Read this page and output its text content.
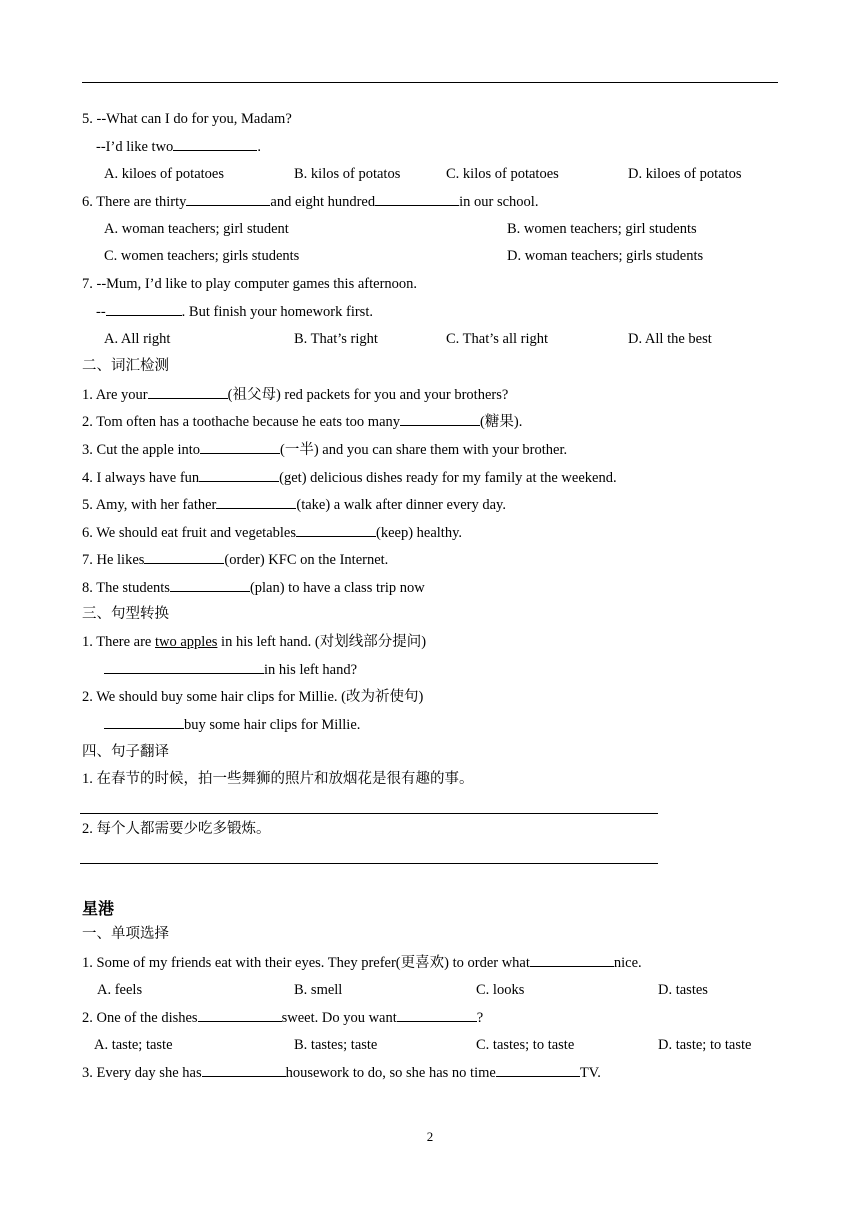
5. --What can I do for you, Madam?
--I’d like two	.
A. kiloes of potatoes	B. kilos of potatos	C. kilos of potatoes	D. kiloes of potatos
6. There are thirty	and eight hundred	in our school.
A. woman teachers; girl student	B. women teachers; girl students
C. women teachers; girls students	D. woman teachers; girls students
7. --Mum, I’d like to play computer games this afternoon.
--	. But finish your homework first.
A. All right	B. That’s right	C. That’s all right	D. All the best
二、词汇检测
1. Are your	(祖父母) red packets for you and your brothers?
2. Tom often has a toothache because he eats too many	(糖果).
3. Cut the apple into	(一半) and you can share them with your brother.
4. I always have fun	(get) delicious dishes ready for my family at the weekend.
5. Amy, with her father	(take) a walk after dinner every day.
6. We should eat fruit and vegetables	(keep) healthy.
7. He likes	(order) KFC on the Internet.
8. The students	(plan) to have a class trip now
三、句型转换
1. There are two apples in his left hand. (对划线部分提问)
in his left hand?
2. We should buy some hair clips for Millie. (改为祈使句)
buy some hair clips for Millie.
四、句子翻译
1. 在春节的时候，拍一些舞狮的照片和放烟花是很有趣的事。
2. 每个人都需要少吃多锻炼。
星港
一、单项选择
1. Some of my friends eat with their eyes. They prefer(更喜欢) to order what	nice.
A. feels	B. smell	C. looks	D. tastes
2. One of the dishes	sweet. Do you want	?
A. taste; taste	B. tastes; taste	C. tastes; to taste	D. taste; to taste
3. Every day she has	housework to do, so she has no time	TV.
2
